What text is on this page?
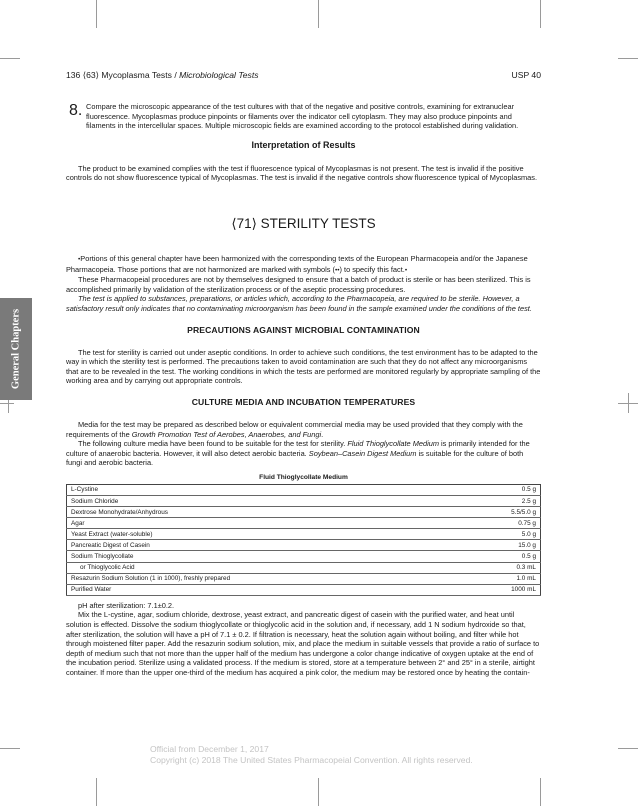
General Chapters
136 ⟨63⟩ Mycoplasma Tests / Microbiological Tests	USP 40
8. Compare the microscopic appearance of the test cultures with that of the negative and positive controls, examining for extranuclear fluorescence. Mycoplasmas produce pinpoints or filaments over the indicator cell cytoplasm. They may also produce pinpoints and filaments in the intercellular spaces. Multiple microscopic fields are examined according to the protocol established during validation.

Interpretation of Results

The product to be examined complies with the test if fluorescence typical of Mycoplasmas is not present. The test is invalid if the positive controls do not show fluorescence typical of Mycoplasmas. The test is invalid if the negative controls show fluorescence typical of Mycoplasmas.

⟨71⟩ STERILITY TESTS

•Portions of this general chapter have been harmonized with the corresponding texts of the European Pharmacopeia and/or the Japanese Pharmacopeia. Those portions that are not harmonized are marked with symbols (••) to specify this fact.•

These Pharmacopeial procedures are not by themselves designed to ensure that a batch of product is sterile or has been sterilized. This is accomplished primarily by validation of the sterilization process or of the aseptic processing procedures.

The test is applied to substances, preparations, or articles which, according to the Pharmacopeia, are required to be sterile. However, a satisfactory result only indicates that no contaminating microorganism has been found in the sample examined under the conditions of the test.

PRECAUTIONS AGAINST MICROBIAL CONTAMINATION

The test for sterility is carried out under aseptic conditions. In order to achieve such conditions, the test environment has to be adapted to the way in which the sterility test is performed. The precautions taken to avoid contamination are such that they do not affect any microorganisms that are to be revealed in the test. The working conditions in which the tests are performed are monitored regularly by appropriate sampling of the working area and by carrying out appropriate controls.

CULTURE MEDIA AND INCUBATION TEMPERATURES

Media for the test may be prepared as described below or equivalent commercial media may be used provided that they comply with the requirements of the Growth Promotion Test of Aerobes, Anaerobes, and Fungi.

The following culture media have been found to be suitable for the test for sterility. Fluid Thioglycollate Medium is primarily intended for the culture of anaerobic bacteria. However, it will also detect aerobic bacteria. Soybean–Casein Digest Medium is suitable for the culture of both fungi and aerobic bacteria.

Fluid Thioglycollate Medium
L-Cystine	0.5 g
Sodium Chloride	2.5 g
Dextrose Monohydrate/Anhydrous	5.5/5.0 g
Agar	0.75 g
Yeast Extract (water-soluble)	5.0 g
Pancreatic Digest of Casein	15.0 g
Sodium Thioglycollate	0.5 g
or Thioglycolic Acid	0.3 mL
Resazurin Sodium Solution (1 in 1000), freshly prepared	1.0 mL
Purified Water	1000 mL

pH after sterilization: 7.1±0.2.

Mix the L-cystine, agar, sodium chloride, dextrose, yeast extract, and pancreatic digest of casein with the purified water, and heat until solution is effected. Dissolve the sodium thioglycollate or thioglycolic acid in the solution and, if necessary, add 1 N sodium hydroxide so that, after sterilization, the solution will have a pH of 7.1 ± 0.2. If filtration is necessary, heat the solution again without boiling, and filter while hot through moistened filter paper. Add the resazurin sodium solution, mix, and place the medium in suitable vessels that provide a ratio of surface to depth of medium such that not more than the upper half of the medium has undergone a color change indicative of oxygen uptake at the end of the incubation period. Sterilize using a validated process. If the medium is stored, store at a temperature between 2° and 25° in a sterile, airtight container. If more than the upper one-third of the medium has acquired a pink color, the medium may be restored once by heating the contain-

Official from December 1, 2017
Copyright (c) 2018 The United States Pharmacopeial Convention. All rights reserved.
